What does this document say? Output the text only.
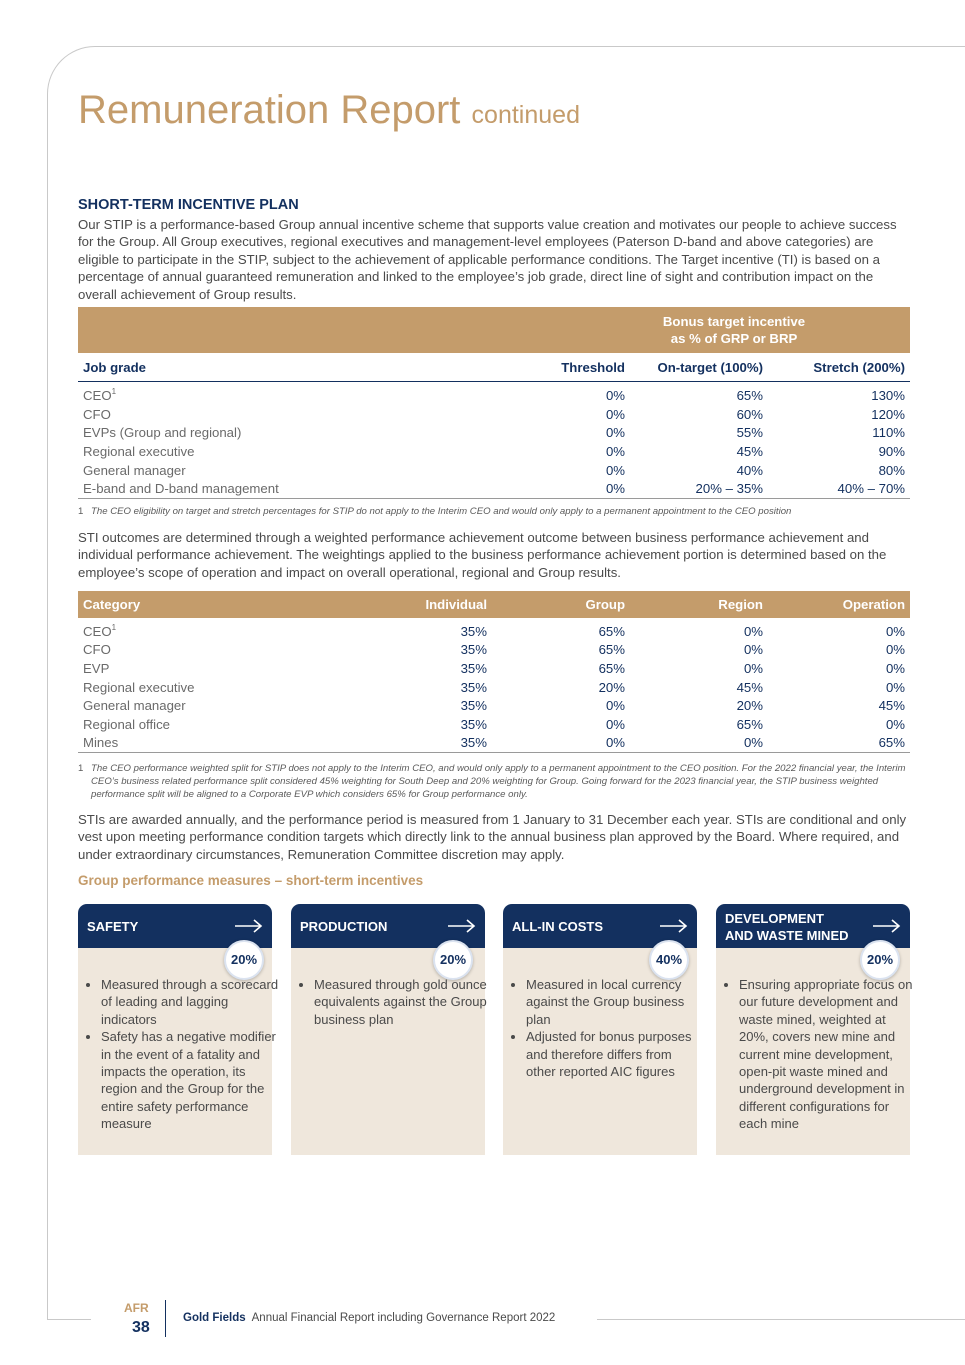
Remuneration Report continued
SHORT-TERM INCENTIVE PLAN

Our STIP is a performance-based Group annual incentive scheme that supports value creation and motivates our people to achieve success for the Group. All Group executives, regional executives and management-level employees (Paterson D-band and above categories) are eligible to participate in the STIP, subject to the achievement of applicable performance conditions. The Target incentive (TI) is based on a percentage of annual guaranteed remuneration and linked to the employee’s job grade, direct line of sight and contribution impact on the overall achievement of Group results.

	Bonus target incentive
as % of GRP or BRP		

Job grade	Threshold	On-target (100%)	Stretch (200%)

CEO$^1$	0%	65%	130%
CFO	0%	60%	120%
EVPs (Group and regional)	0%	55%	110%
Regional executive	0%	45%	90%
General manager	0%	40%	80%
E-band and D-band management	0%	20% – 35%	40% – 70%
1 The CEO eligibility on target and stretch percentages for STIP do not apply to the Interim CEO and would only apply to a permanent appointment to the CEO position

STI outcomes are determined through a weighted performance achievement outcome between business performance achievement and individual performance achievement. The weightings applied to the business performance achievement portion is determined based on the employee’s scope of operation and impact on overall operational, regional and Group results.

Category	Individual	Group	Region	Operation

CEO$^1$	35%	65%	0%	0%
CFO	35%	65%	0%	0%
EVP	35%	65%	0%	0%
Regional executive	35%	20%	45%	0%
General manager	35%	0%	20%	45%
Regional office	35%	0%	65%	0%
Mines	35%	0%	0%	65%
1 The CEO performance weighted split for STIP does not apply to the Interim CEO, and would only apply to a permanent appointment to the CEO position. For the 2022 financial year, the Interim CEO’s business related performance split considered 45% weighting for South Deep and 20% weighting for Group. Going forward for the 2023 financial year, the STIP business weighted performance split will be aligned to a Corporate EVP which considers 65% for Group performance only.

STIs are awarded annually, and the performance period is measured from 1 January to 31 December each year. STIs are conditional and only vest upon meeting performance condition targets which directly link to the annual business plan approved by the Board. Where required, and under extraordinary circumstances, Remuneration Committee discretion may apply.

Group performance measures – short-term incentives
SAFETY
20%
• Measured through a scorecard of leading and lagging indicators
• Safety has a negative modifier in the event of a fatality and impacts the operation, its region and the Group for the entire safety performance measure
PRODUCTION
20%
• Measured through gold ounce equivalents against the Group business plan
ALL-IN COSTS
40%
• Measured in local currency against the Group business plan
• Adjusted for bonus purposes and therefore differs from other reported AIC figures
DEVELOPMENT
AND WASTE MINED
20%
• Ensuring appropriate focus on our future development and waste mined, weighted at 20%, covers new mine and current mine development, open-pit waste mined and underground development in different configurations for each mine
AFR
38
Gold Fields Annual Financial Report including Governance Report 2022
